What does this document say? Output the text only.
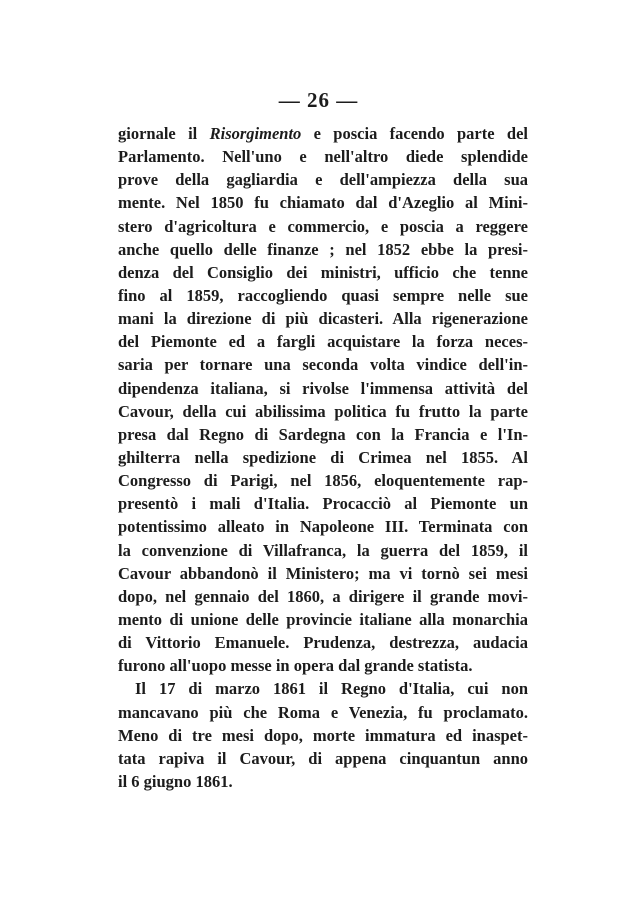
— 26 —
giornale il Risorgimento e poscia facendo parte del
Parlamento. Nell'uno e nell'altro diede splendide
prove della gagliardia e dell'ampiezza della sua
mente. Nel 1850 fu chiamato dal d'Azeglio al Mini-
stero d'agricoltura e commercio, e poscia a reggere
anche quello delle finanze ; nel 1852 ebbe la presi-
denza del Consiglio dei ministri, ufficio che tenne
fino al 1859, raccogliendo quasi sempre nelle sue
mani la direzione di più dicasteri. Alla rigenerazione
del Piemonte ed a fargli acquistare la forza neces-
saria per tornare una seconda volta vindice dell'in-
dipendenza italiana, si rivolse l'immensa attività del
Cavour, della cui abilissima politica fu frutto la parte
presa dal Regno di Sardegna con la Francia e l'In-
ghilterra nella spedizione di Crimea nel 1855. Al
Congresso di Parigi, nel 1856, eloquentemente rap-
presentò i mali d'Italia. Procacciò al Piemonte un
potentissimo alleato in Napoleone III. Terminata con
la convenzione di Villafranca, la guerra del 1859, il
Cavour abbandonò il Ministero; ma vi tornò sei mesi
dopo, nel gennaio del 1860, a dirigere il grande movi-
mento di unione delle provincie italiane alla monarchia
di Vittorio Emanuele. Prudenza, destrezza, audacia
furono all'uopo messe in opera dal grande statista.
Il 17 di marzo 1861 il Regno d'Italia, cui non
mancavano più che Roma e Venezia, fu proclamato.
Meno di tre mesi dopo, morte immatura ed inaspet-
tata rapiva il Cavour, di appena cinquantun anno
il 6 giugno 1861.
